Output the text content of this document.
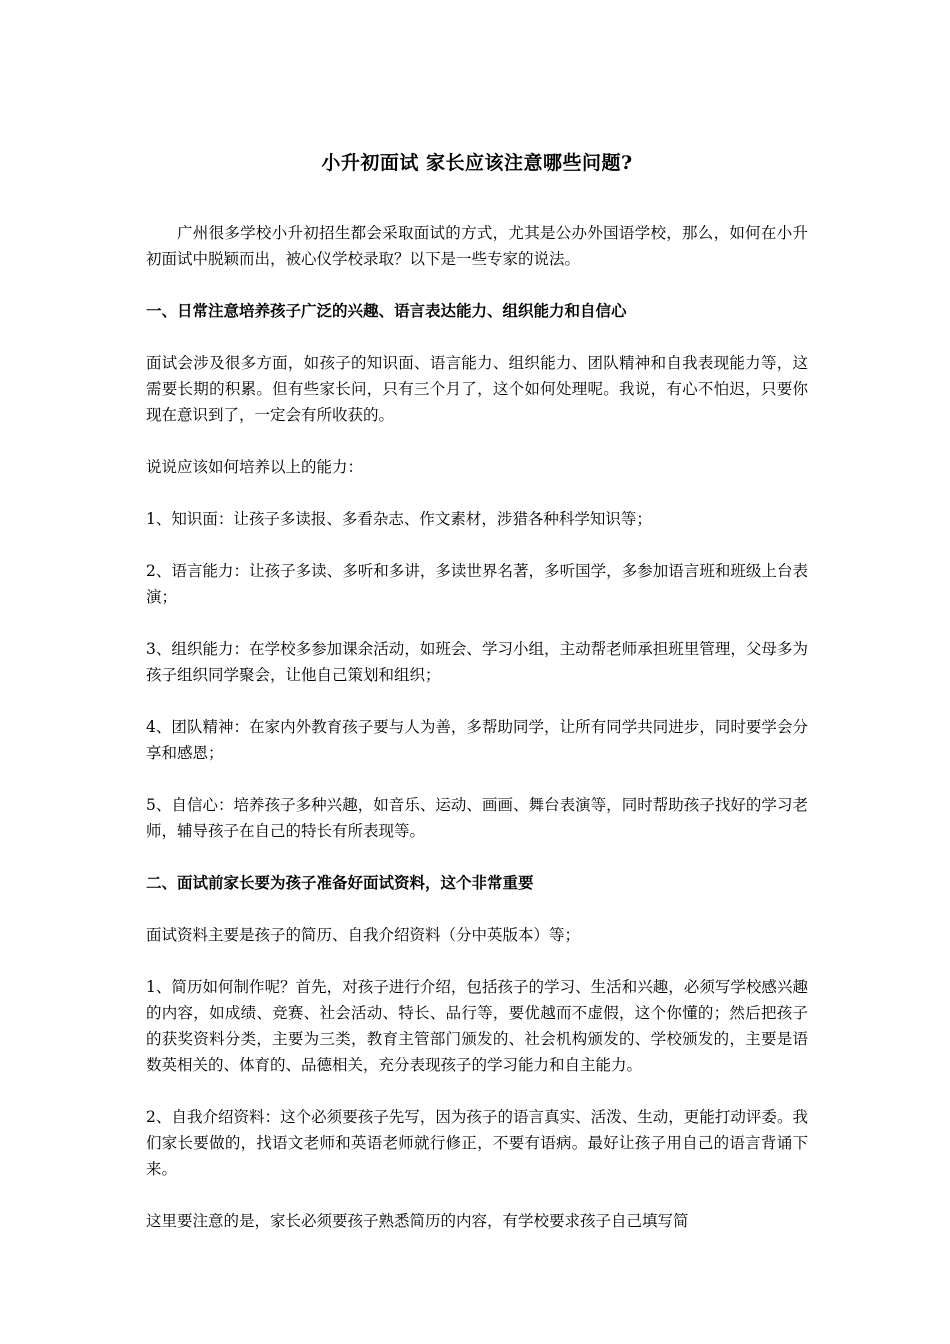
小升初面试 家长应该注意哪些问题?

广州很多学校小升初招生都会采取面试的方式，尤其是公办外国语学校，那么，如何在小升初面试中脱颖而出，被心仪学校录取？以下是一些专家的说法。

一、日常注意培养孩子广泛的兴趣、语言表达能力、组织能力和自信心

面试会涉及很多方面，如孩子的知识面、语言能力、组织能力、团队精神和自我表现能力等，这需要长期的积累。但有些家长问，只有三个月了，这个如何处理呢。我说，有心不怕迟，只要你现在意识到了，一定会有所收获的。

说说应该如何培养以上的能力：

1、知识面：让孩子多读报、多看杂志、作文素材，涉猎各种科学知识等；

2、语言能力：让孩子多读、多听和多讲，多读世界名著，多听国学，多参加语言班和班级上台表演；

3、组织能力：在学校多参加课余活动，如班会、学习小组，主动帮老师承担班里管理，父母多为孩子组织同学聚会，让他自己策划和组织；

4、团队精神：在家内外教育孩子要与人为善，多帮助同学，让所有同学共同进步，同时要学会分享和感恩；

5、自信心：培养孩子多种兴趣，如音乐、运动、画画、舞台表演等，同时帮助孩子找好的学习老师，辅导孩子在自己的特长有所表现等。

二、面试前家长要为孩子准备好面试资料，这个非常重要

面试资料主要是孩子的简历、自我介绍资料（分中英版本）等；

1、简历如何制作呢？首先，对孩子进行介绍，包括孩子的学习、生活和兴趣，必须写学校感兴趣的内容，如成绩、竞赛、社会活动、特长、品行等，要优越而不虚假，这个你懂的；然后把孩子的获奖资料分类，主要为三类，教育主管部门颁发的、社会机构颁发的、学校颁发的，主要是语数英相关的、体育的、品德相关，充分表现孩子的学习能力和自主能力。

2、自我介绍资料：这个必须要孩子先写，因为孩子的语言真实、活泼、生动，更能打动评委。我们家长要做的，找语文老师和英语老师就行修正，不要有语病。最好让孩子用自己的语言背诵下来。

这里要注意的是，家长必须要孩子熟悉简历的内容，有学校要求孩子自己填写简
